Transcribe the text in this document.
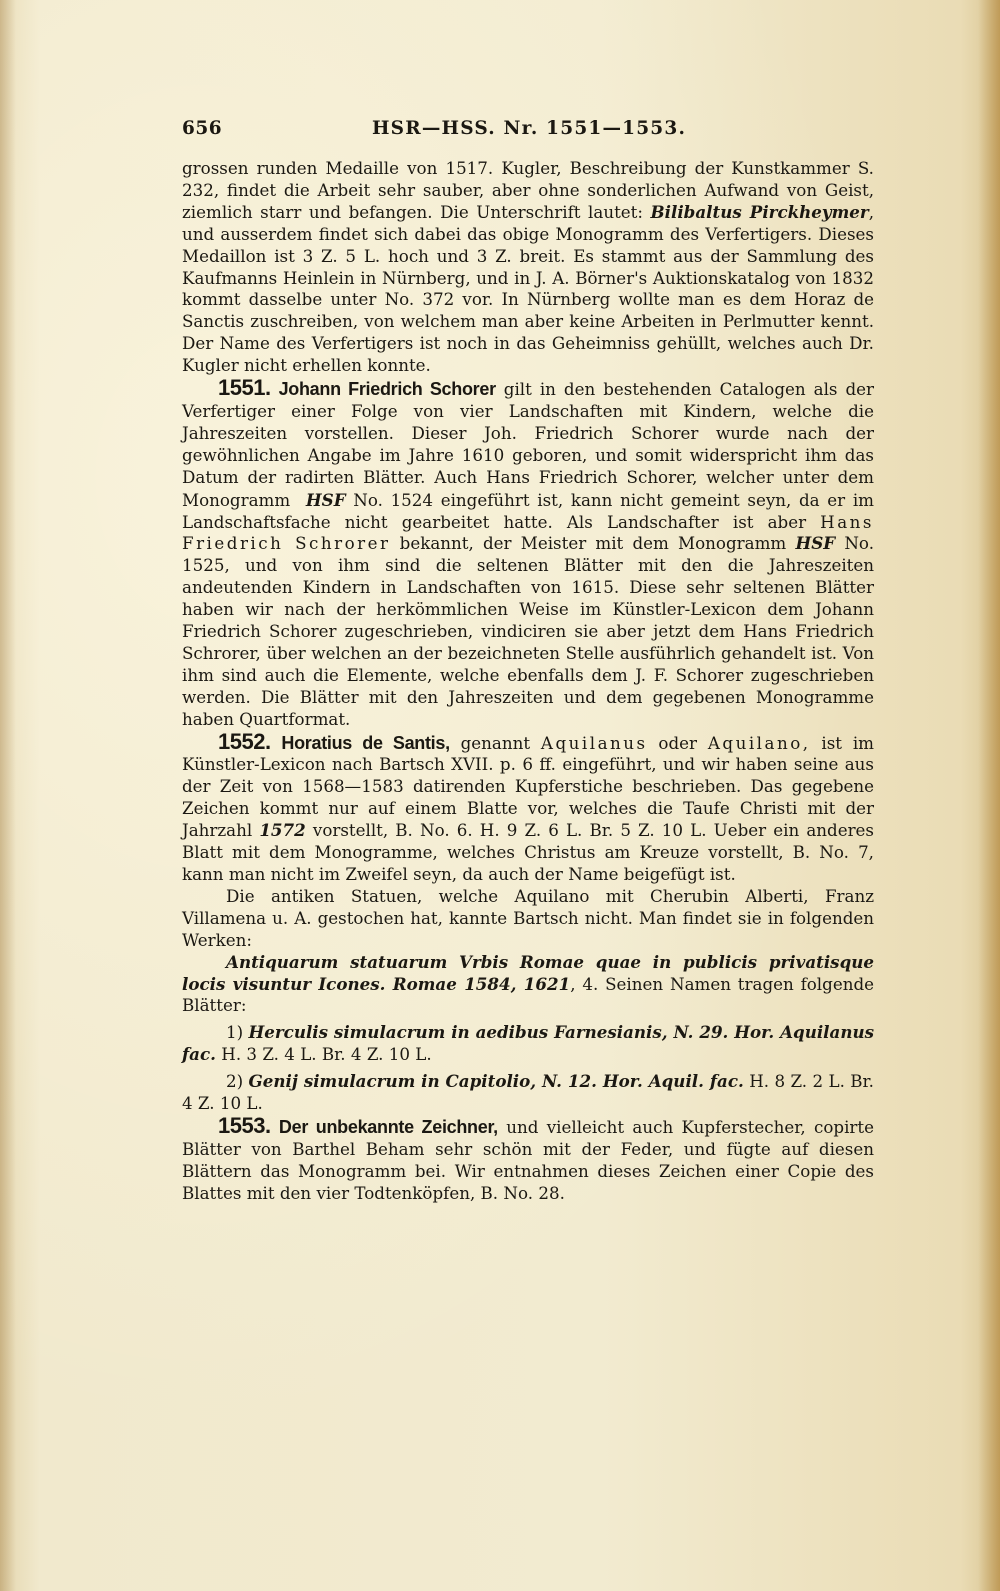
656	HSR—HSS. Nr. 1551—1553.

grossen runden Medaille von 1517. Kugler, Beschreibung der Kunstkammer S. 232, findet die Arbeit sehr sauber, aber ohne sonderlichen Aufwand von Geist, ziemlich starr und befangen. Die Unterschrift lautet: Bilibaltus Pirckheymer, und ausserdem findet sich dabei das obige Monogramm des Verfertigers. Dieses Medaillon ist 3 Z. 5 L. hoch und 3 Z. breit. Es stammt aus der Sammlung des Kaufmanns Heinlein in Nürnberg, und in J. A. Börner's Auktionskatalog von 1832 kommt dasselbe unter No. 372 vor. In Nürnberg wollte man es dem Horaz de Sanctis zuschreiben, von welchem man aber keine Arbeiten in Perlmutter kennt. Der Name des Verfertigers ist noch in das Geheimniss gehüllt, welches auch Dr. Kugler nicht erhellen konnte.

1551. Johann Friedrich Schorer gilt in den bestehenden Catalogen als der Verfertiger einer Folge von vier Landschaften mit Kindern, welche die Jahreszeiten vorstellen. Dieser Joh. Friedrich Schorer wurde nach der gewöhnlichen Angabe im Jahre 1610 geboren, und somit widerspricht ihm das Datum der radirten Blätter. Auch Hans Friedrich Schorer, welcher unter dem Monogramm HSF No. 1524 eingeführt ist, kann nicht gemeint seyn, da er im Landschaftsfache nicht gearbeitet hatte. Als Landschafter ist aber Hans Friedrich Schrorer bekannt, der Meister mit dem Monogramm HSF No. 1525, und von ihm sind die seltenen Blätter mit den die Jahreszeiten andeutenden Kindern in Landschaften von 1615. Diese sehr seltenen Blätter haben wir nach der herkömmlichen Weise im Künstler-Lexicon dem Johann Friedrich Schorer zugeschrieben, vindiciren sie aber jetzt dem Hans Friedrich Schrorer, über welchen an der bezeichneten Stelle ausführlich gehandelt ist. Von ihm sind auch die Elemente, welche ebenfalls dem J. F. Schorer zugeschrieben werden. Die Blätter mit den Jahreszeiten und dem gegebenen Monogramme haben Quartformat.

1552. Horatius de Santis, genannt Aquilanus oder Aquilano, ist im Künstler-Lexicon nach Bartsch XVII. p. 6 ff. eingeführt, und wir haben seine aus der Zeit von 1568—1583 datirenden Kupferstiche beschrieben. Das gegebene Zeichen kommt nur auf einem Blatte vor, welches die Taufe Christi mit der Jahrzahl 1572 vorstellt, B. No. 6. H. 9 Z. 6 L. Br. 5 Z. 10 L. Ueber ein anderes Blatt mit dem Monogramme, welches Christus am Kreuze vorstellt, B. No. 7, kann man nicht im Zweifel seyn, da auch der Name beigefügt ist.

Die antiken Statuen, welche Aquilano mit Cherubin Alberti, Franz Villamena u. A. gestochen hat, kannte Bartsch nicht. Man findet sie in folgenden Werken:

Antiquarum statuarum Vrbis Romae quae in publicis privatisque locis visuntur Icones. Romae 1584, 1621, 4. Seinen Namen tragen folgende Blätter:

1) Herculis simulacrum in aedibus Farnesianis, N. 29. Hor. Aquilanus fac. H. 3 Z. 4 L. Br. 4 Z. 10 L.

2) Genij simulacrum in Capitolio, N. 12. Hor. Aquil. fac. H. 8 Z. 2 L. Br. 4 Z. 10 L.

1553. Der unbekannte Zeichner, und vielleicht auch Kupferstecher, copirte Blätter von Barthel Beham sehr schön mit der Feder, und fügte auf diesen Blättern das Monogramm bei. Wir entnahmen dieses Zeichen einer Copie des Blattes mit den vier Todtenköpfen, B. No. 28.
